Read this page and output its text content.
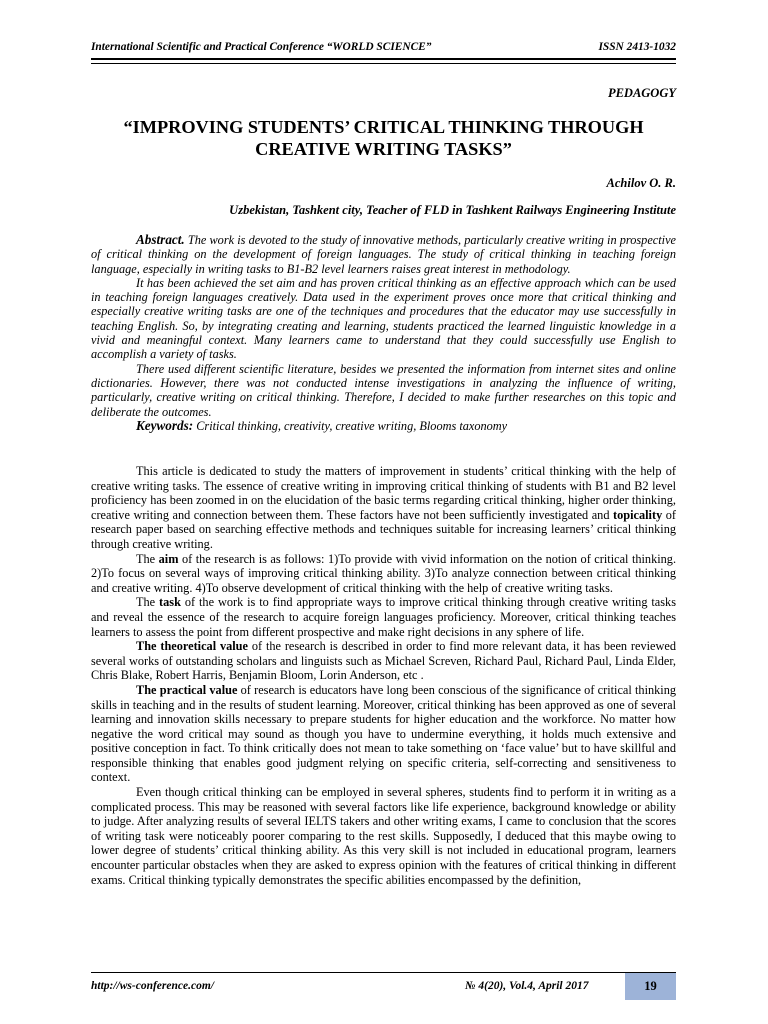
International Scientific and Practical Conference “WORLD SCIENCE”	ISSN 2413-1032
PEDAGOGY
“IMPROVING STUDENTS’ CRITICAL THINKING THROUGH CREATIVE WRITING TASKS”
Achilov O. R.
Uzbekistan, Tashkent city, Teacher of FLD in Tashkent Railways Engineering Institute

Abstract. The work is devoted to the study of innovative methods, particularly creative writing in prospective of critical thinking on the development of foreign languages. The study of critical thinking in teaching foreign language, especially in writing tasks to B1-B2 level learners raises great interest in methodology.

It has been achieved the set aim and has proven critical thinking as an effective approach which can be used in teaching foreign languages creatively. Data used in the experiment proves once more that critical thinking and especially creative writing tasks are one of the techniques and procedures that the educator may use successfully in teaching English. So, by integrating creating and learning, students practiced the learned linguistic knowledge in a vivid and meaningful context. Many learners came to understand that they could successfully use English to accomplish a variety of tasks.

There used different scientific literature, besides we presented the information from internet sites and online dictionaries. However, there was not conducted intense investigations in analyzing the influence of writing, particularly, creative writing on critical thinking. Therefore, I decided to make further researches on this topic and deliberate the outcomes.

Keywords: Critical thinking, creativity, creative writing, Blooms taxonomy

This article is dedicated to study the matters of improvement in students’ critical thinking with the help of creative writing tasks. The essence of creative writing in improving critical thinking of students with B1 and B2 level proficiency has been zoomed in on the elucidation of the basic terms regarding critical thinking, higher order thinking, creative writing and connection between them. These factors have not been sufficiently investigated and topicality of research paper based on searching effective methods and techniques suitable for increasing learners’ critical thinking through creative writing.

The aim of the research is as follows: 1)To provide with vivid information on the notion of critical thinking. 2)To focus on several ways of improving critical thinking ability. 3)To analyze connection between critical thinking and creative writing. 4)To observe development of critical thinking with the help of creative writing tasks.

The task of the work is to find appropriate ways to improve critical thinking through creative writing tasks and reveal the essence of the research to acquire foreign languages proficiency. Moreover, critical thinking teaches learners to assess the point from different prospective and make right decisions in any sphere of life.

The theoretical value of the research is described in order to find more relevant data, it has been reviewed several works of outstanding scholars and linguists such as Michael Screven, Richard Paul, Richard Paul, Linda Elder, Chris Blake, Robert Harris, Benjamin Bloom, Lorin Anderson, etc .

The practical value of research is educators have long been conscious of the significance of critical thinking skills in teaching and in the results of student learning. Moreover, critical thinking has been approved as one of several learning and innovation skills necessary to prepare students for higher education and the workforce. No matter how negative the word critical may sound as though you have to undermine everything, it holds much extensive and positive conception in fact. To think critically does not mean to take something on ‘face value’ but to have skillful and responsible thinking that enables good judgment relying on specific criteria, self-correcting and sensitiveness to context.

Even though critical thinking can be employed in several spheres, students find to perform it in writing as a complicated process. This may be reasoned with several factors like life experience, background knowledge or ability to judge. After analyzing results of several IELTS takers and other writing exams, I came to conclusion that the scores of writing task were noticeably poorer comparing to the rest skills. Supposedly, I deduced that this maybe owing to lower degree of students’ critical thinking ability. As this very skill is not included in educational program, learners encounter particular obstacles when they are asked to express opinion with the features of critical thinking in different exams. Critical thinking typically demonstrates the specific abilities encompassed by the definition,

http://ws-conference.com/	№ 4(20), Vol.4, April 2017	19
